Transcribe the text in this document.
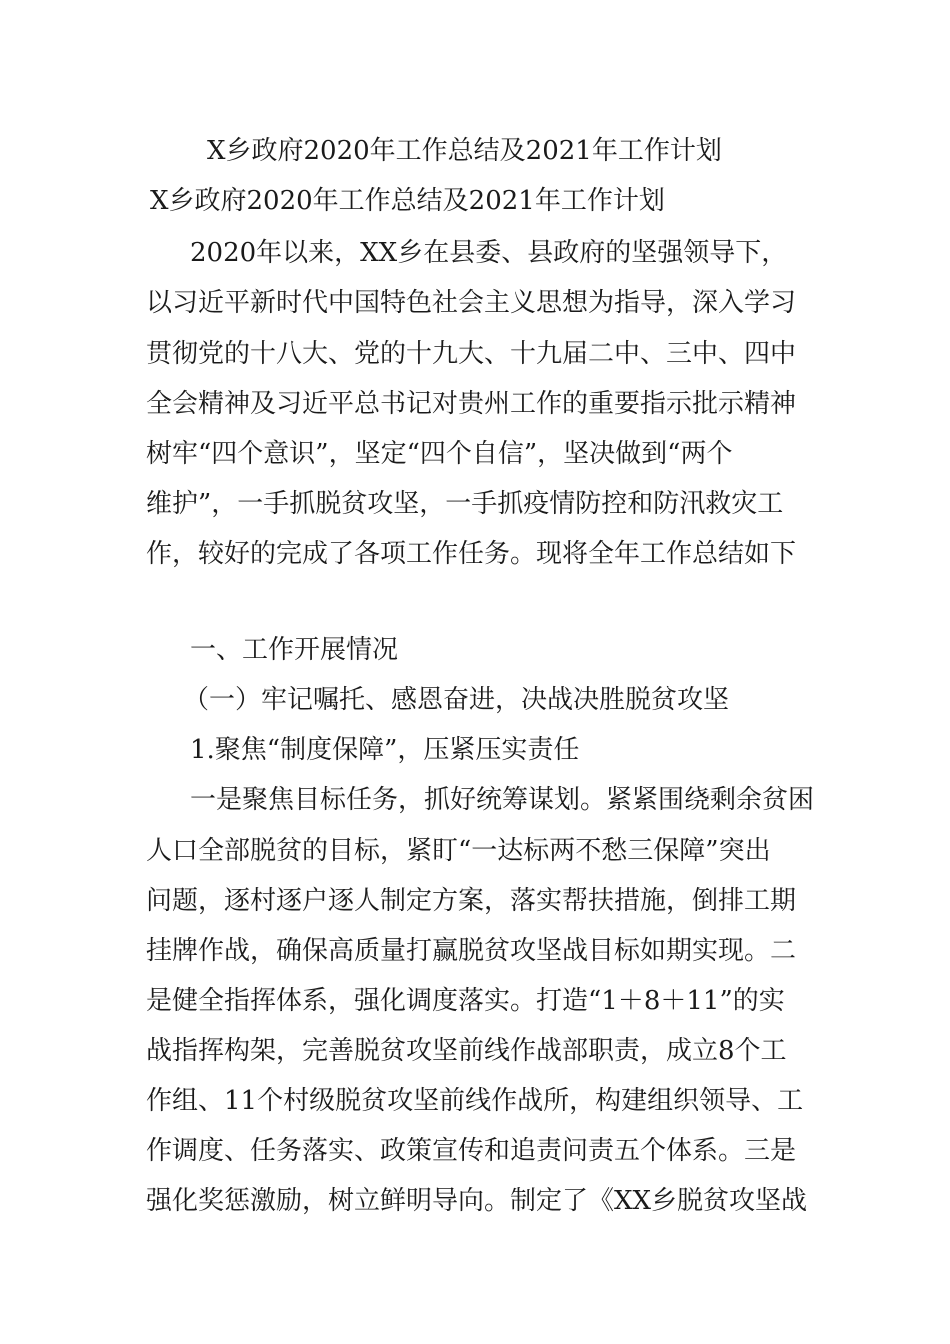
X乡政府2020年工作总结及2021年工作计划
X乡政府2020年工作总结及2021年工作计划
2020年以来，XX乡在县委、县政府的坚强领导下，
以习近平新时代中国特色社会主义思想为指导，深入学习
贯彻党的十八大、党的十九大、十九届二中、三中、四中
全会精神及习近平总书记对贵州工作的重要指示批示精神
树牢“四个意识”，坚定“四个自信”，坚决做到“两个
维护”，一手抓脱贫攻坚，一手抓疫情防控和防汛救灾工
作，较好的完成了各项工作任务。现将全年工作总结如下
一、工作开展情况
（一）牢记嘱托、感恩奋进，决战决胜脱贫攻坚
1.聚焦“制度保障”，压紧压实责任
一是聚焦目标任务，抓好统筹谋划。紧紧围绕剩余贫困
人口全部脱贫的目标，紧盯“一达标两不愁三保障”突出
问题，逐村逐户逐人制定方案，落实帮扶措施，倒排工期
挂牌作战，确保高质量打赢脱贫攻坚战目标如期实现。二
是健全指挥体系，强化调度落实。打造“1＋8＋11”的实
战指挥构架，完善脱贫攻坚前线作战部职责，成立8个工
作组、11个村级脱贫攻坚前线作战所，构建组织领导、工
作调度、任务落实、政策宣传和追责问责五个体系。三是
强化奖惩激励，树立鲜明导向。制定了《XX乡脱贫攻坚战
